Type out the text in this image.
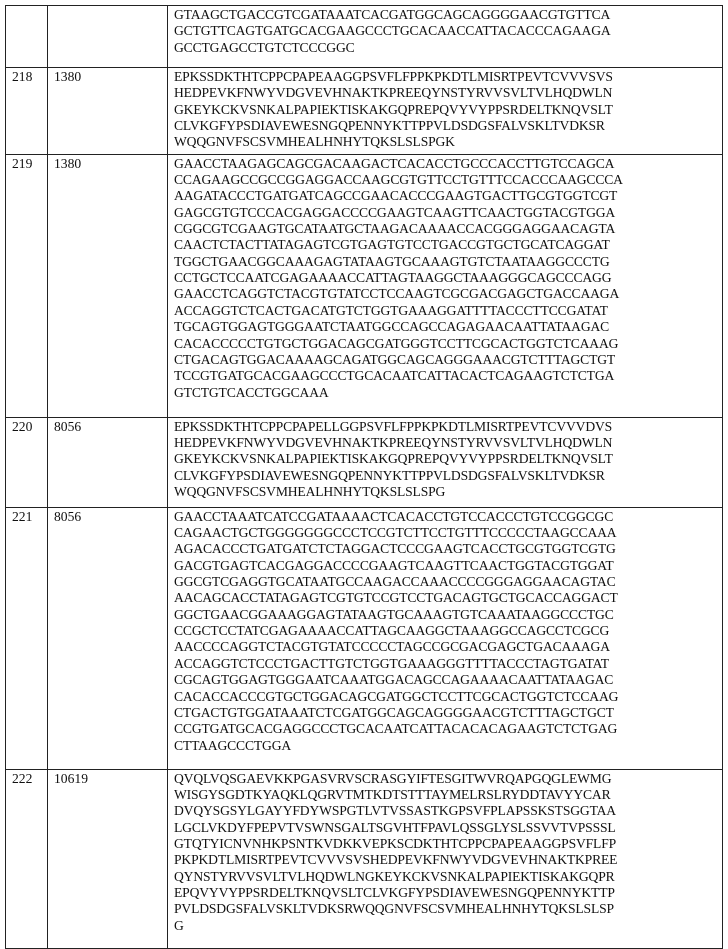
		GTAAGCTGACCGTCGATAAATCACGATGGCAGCAGGGGAACGTGTTCA
GCTGTTCAGTGATGCACGAAGCCCTGCACAACCATTACACCCAGAAGA
GCCTGAGCCTGTCTCCCGGC

218	1380	EPKSSDKTHTCPPCPAPEAAGGPSVFLFPPKPKDTLMISRTPEVTCVVVSVS
HEDPEVKFNWYVDGVEVHNAKTKPREEQYNSTYRVVSVLTVLHQDWLN
GKEYKCKVSNKALPAPIEKTISKAKGQPREPQVYVYPPSRDELTKNQVSLT
CLVKGFYPSDIAVEWESNGQPENNYKTTPPVLDSDGSFALVSKLTVDKSR
WQQGNVFSCSVMHEALHNHYTQKSLSLSPGK

219	1380	GAACCTAAGAGCAGCGACAAGACTCACACCTGCCCACCTTGTCCAGCA
CCAGAAGCCGCCGGAGGACCAAGCGTGTTCCTGTTTCCACCCAAGCCCA
AAGATACCCTGATGATCAGCCGAACACCCGAAGTGACTTGCGTGGTCGT
GAGCGTGTCCCACGAGGACCCCGAAGTCAAGTTCAACTGGTACGTGGA
CGGCGTCGAAGTGCATAATGCTAAGACAAAACCACGGGAGGAACAGTA
CAACTCTACTTATAGAGTCGTGAGTGTCCTGACCGTGCTGCATCAGGAT
TGGCTGAACGGCAAAGAGTATAAGTGCAAAGTGTCTAATAAGGCCCTG
CCTGCTCCAATCGAGAAAACCATTAGTAAGGCTAAAGGGCAGCCCAGG
GAACCTCAGGTCTACGTGTATCCTCCAAGTCGCGACGAGCTGACCAAGA
ACCAGGTCTCACTGACATGTCTGGTGAAAGGATTTTACCCTTCCGATAT
TGCAGTGGAGTGGGAATCTAATGGCCAGCCAGAGAACAATTATAAGAC
CACACCCCCTGTGCTGGACAGCGATGGGTCCTTCGCACTGGTCTCAAAG
CTGACAGTGGACAAAAGCAGATGGCAGCAGGGAAACGTCTTTAGCTGT
TCCGTGATGCACGAAGCCCTGCACAATCATTACACTCAGAAGTCTCTGA
GTCTGTCACCTGGCAAA

220	8056	EPKSSDKTHTCPPCPAPELLGGPSVFLFPPKPKDTLMISRTPEVTCVVVDVS
HEDPEVKFNWYVDGVEVHNAKTKPREEQYNSTYRVVSVLTVLHQDWLN
GKEYKCKVSNKALPAPIEKTISKAKGQPREPQVYVYPPSRDELTKNQVSLT
CLVKGFYPSDIAVEWESNGQPENNYKTTPPVLDSDGSFALVSKLTVDKSR
WQQGNVFSCSVMHEALHNHYTQKSLSLSPG

221	8056	GAACCTAAATCATCCGATAAAACTCACACCTGTCCACCCTGTCCGGCGC
CAGAACTGCTGGGGGGGCCCTCCGTCTTCCTGTTTCCCCCTAAGCCAAA
AGACACCCTGATGATCTCTAGGACTCCCGAAGTCACCTGCGTGGTCGTG
GACGTGAGTCACGAGGACCCCGAAGTCAAGTTCAACTGGTACGTGGAT
GGCGTCGAGGTGCATAATGCCAAGACCAAACCCCGGGAGGAACAGTAC
AACAGCACCTATAGAGTCGTGTCCGTCCTGACAGTGCTGCACCAGGACT
GGCTGAACGGAAAGGAGTATAAGTGCAAAGTGTCAAATAAGGCCCTGC
CCGCTCCTATCGAGAAAACCATTAGCAAGGCTAAAGGCCAGCCTCGCG
AACCCCAGGTCTACGTGTATCCCCCTAGCCGCGACGAGCTGACAAAGA
ACCAGGTCTCCCTGACTTGTCTGGTGAAAGGGTTTTACCCTAGTGATAT
CGCAGTGGAGTGGGAATCAAATGGACAGCCAGAAAACAATTATAAGAC
CACACCACCCGTGCTGGACAGCGATGGCTCCTTCGCACTGGTCTCCAAG
CTGACTGTGGATAAATCTCGATGGCAGCAGGGGAACGTCTTTAGCTGCT
CCGTGATGCACGAGGCCCTGCACAATCATTACACACAGAAGTCTCTGAG
CTTAAGCCCTGGA

222	10619	QVQLVQSGAEVKKPGASVRVSCRASGYIFTESGITWVRQAPGQGLEWMG
WISGYSGDTKYAQKLQGRVTMTKDTSTTTAYMELRSLRYDDTAVYYCAR
DVQYSGSYLGAYYFDYWSPGTLVTVSSASTKGPSVFPLAPSSKSTSGGTAA
LGCLVKDYFPEPVTVSWNSGALTSGVHTFPAVLQSSGLYSLSSVVTVPSSSL
GTQTYICNVNHKPSNTKVDKKVEPKSCDKTHTCPPCPAPEAAGGPSVFLFP
PKPKDTLMISRTPEVTCVVVSVSHEDPEVKFNWYVDGVEVHNAKTKPREE
QYNSTYRVVSVLTVLHQDWLNGKEYKCKVSNKALPAPIEKTISKAKGQPR
EPQVYVYPPSRDELTKNQVSLTCLVKGFYPSDIAVEWESNGQPENNYKTTP
PVLDSDGSFALVSKLTVDKSRWQQGNVFSCSVMHEALHNHYTQKSLSLSP
G
